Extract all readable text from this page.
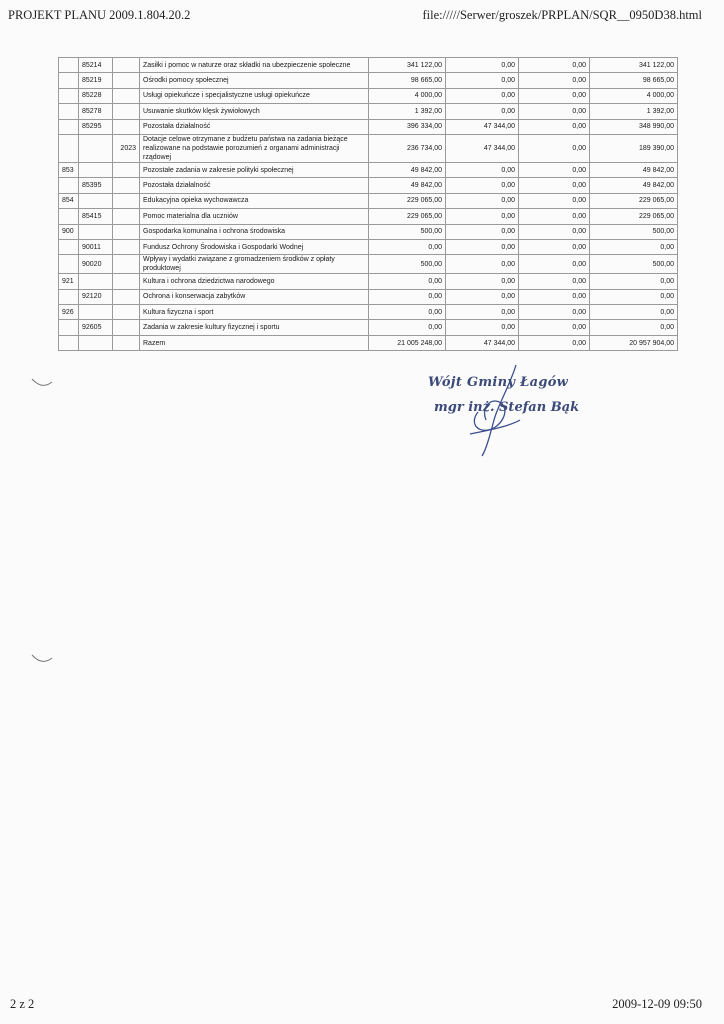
PROJEKT PLANU 2009.1.804.20.2	file://///Serwer/groszek/PRPLAN/SQR__0950D38.html
	85214		Zasiłki i pomoc w naturze oraz składki na ubezpieczenie społeczne	341 122,00	0,00	0,00	341 122,00
	85219		Ośrodki pomocy społecznej	98 665,00	0,00	0,00	98 665,00
	85228		Usługi opiekuńcze i specjalistyczne usługi opiekuńcze	4 000,00	0,00	0,00	4 000,00
	85278		Usuwanie skutków klęsk żywiołowych	1 392,00	0,00	0,00	1 392,00
	85295		Pozostała działalność	396 334,00	47 344,00	0,00	348 990,00
		2023	Dotacje celowe otrzymane z budżetu państwa na zadania bieżące realizowane na podstawie porozumień z organami administracji rządowej	236 734,00	47 344,00	0,00	189 390,00
853			Pozostałe zadania w zakresie polityki społecznej	49 842,00	0,00	0,00	49 842,00
	85395		Pozostała działalność	49 842,00	0,00	0,00	49 842,00
854			Edukacyjna opieka wychowawcza	229 065,00	0,00	0,00	229 065,00
	85415		Pomoc materialna dla uczniów	229 065,00	0,00	0,00	229 065,00
900			Gospodarka komunalna i ochrona środowiska	500,00	0,00	0,00	500,00
	90011		Fundusz Ochrony Środowiska i Gospodarki Wodnej	0,00	0,00	0,00	0,00
	90020		Wpływy i wydatki związane z gromadzeniem środków z opłaty produktowej	500,00	0,00	0,00	500,00
921			Kultura i ochrona dziedzictwa narodowego	0,00	0,00	0,00	0,00
	92120		Ochrona i konserwacja zabytków	0,00	0,00	0,00	0,00
926			Kultura fizyczna i sport	0,00	0,00	0,00	0,00
	92605		Zadania w zakresie kultury fizycznej i sportu	0,00	0,00	0,00	0,00
			Razem	21 005 248,00	47 344,00	0,00	20 957 904,00
Wójt Gminy Łagów
mgr inż. Stefan Bąk
2 z 2	2009-12-09 09:50
